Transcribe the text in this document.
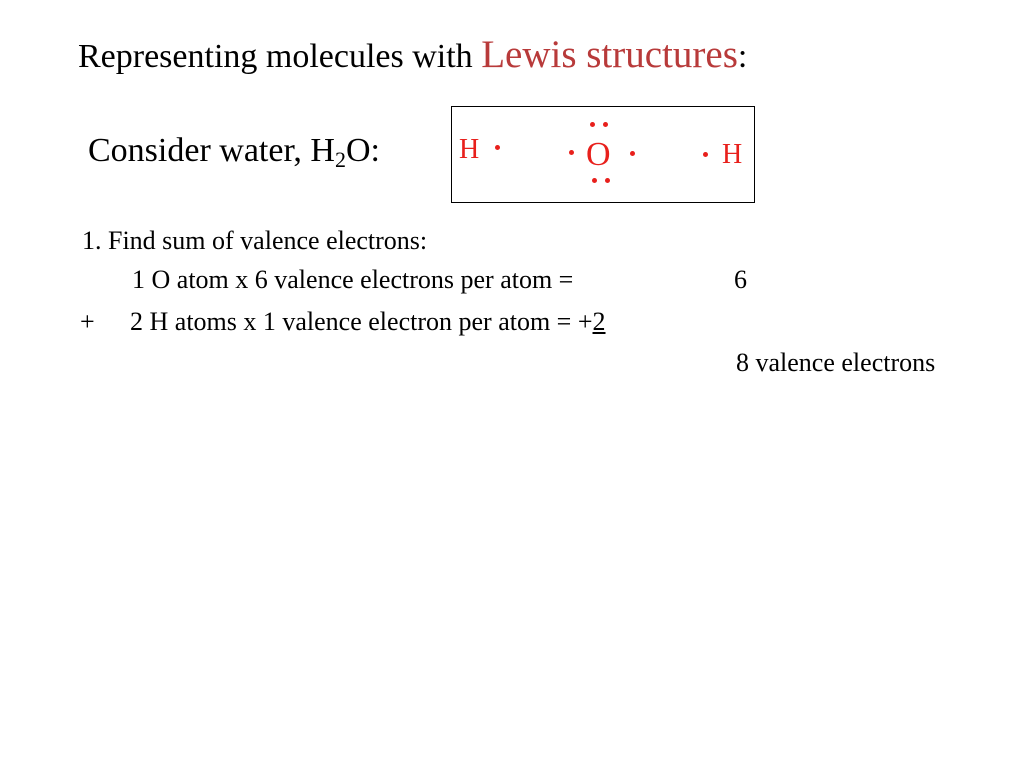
Representing molecules with Lewis structures:
Consider water, $H_2O$:	H	O	H
1. Find sum of valence electrons:
1 O atom x 6 valence electrons per atom =	6
+ 2 H atoms x 1 valence electron per atom = +2
8 valence electrons
